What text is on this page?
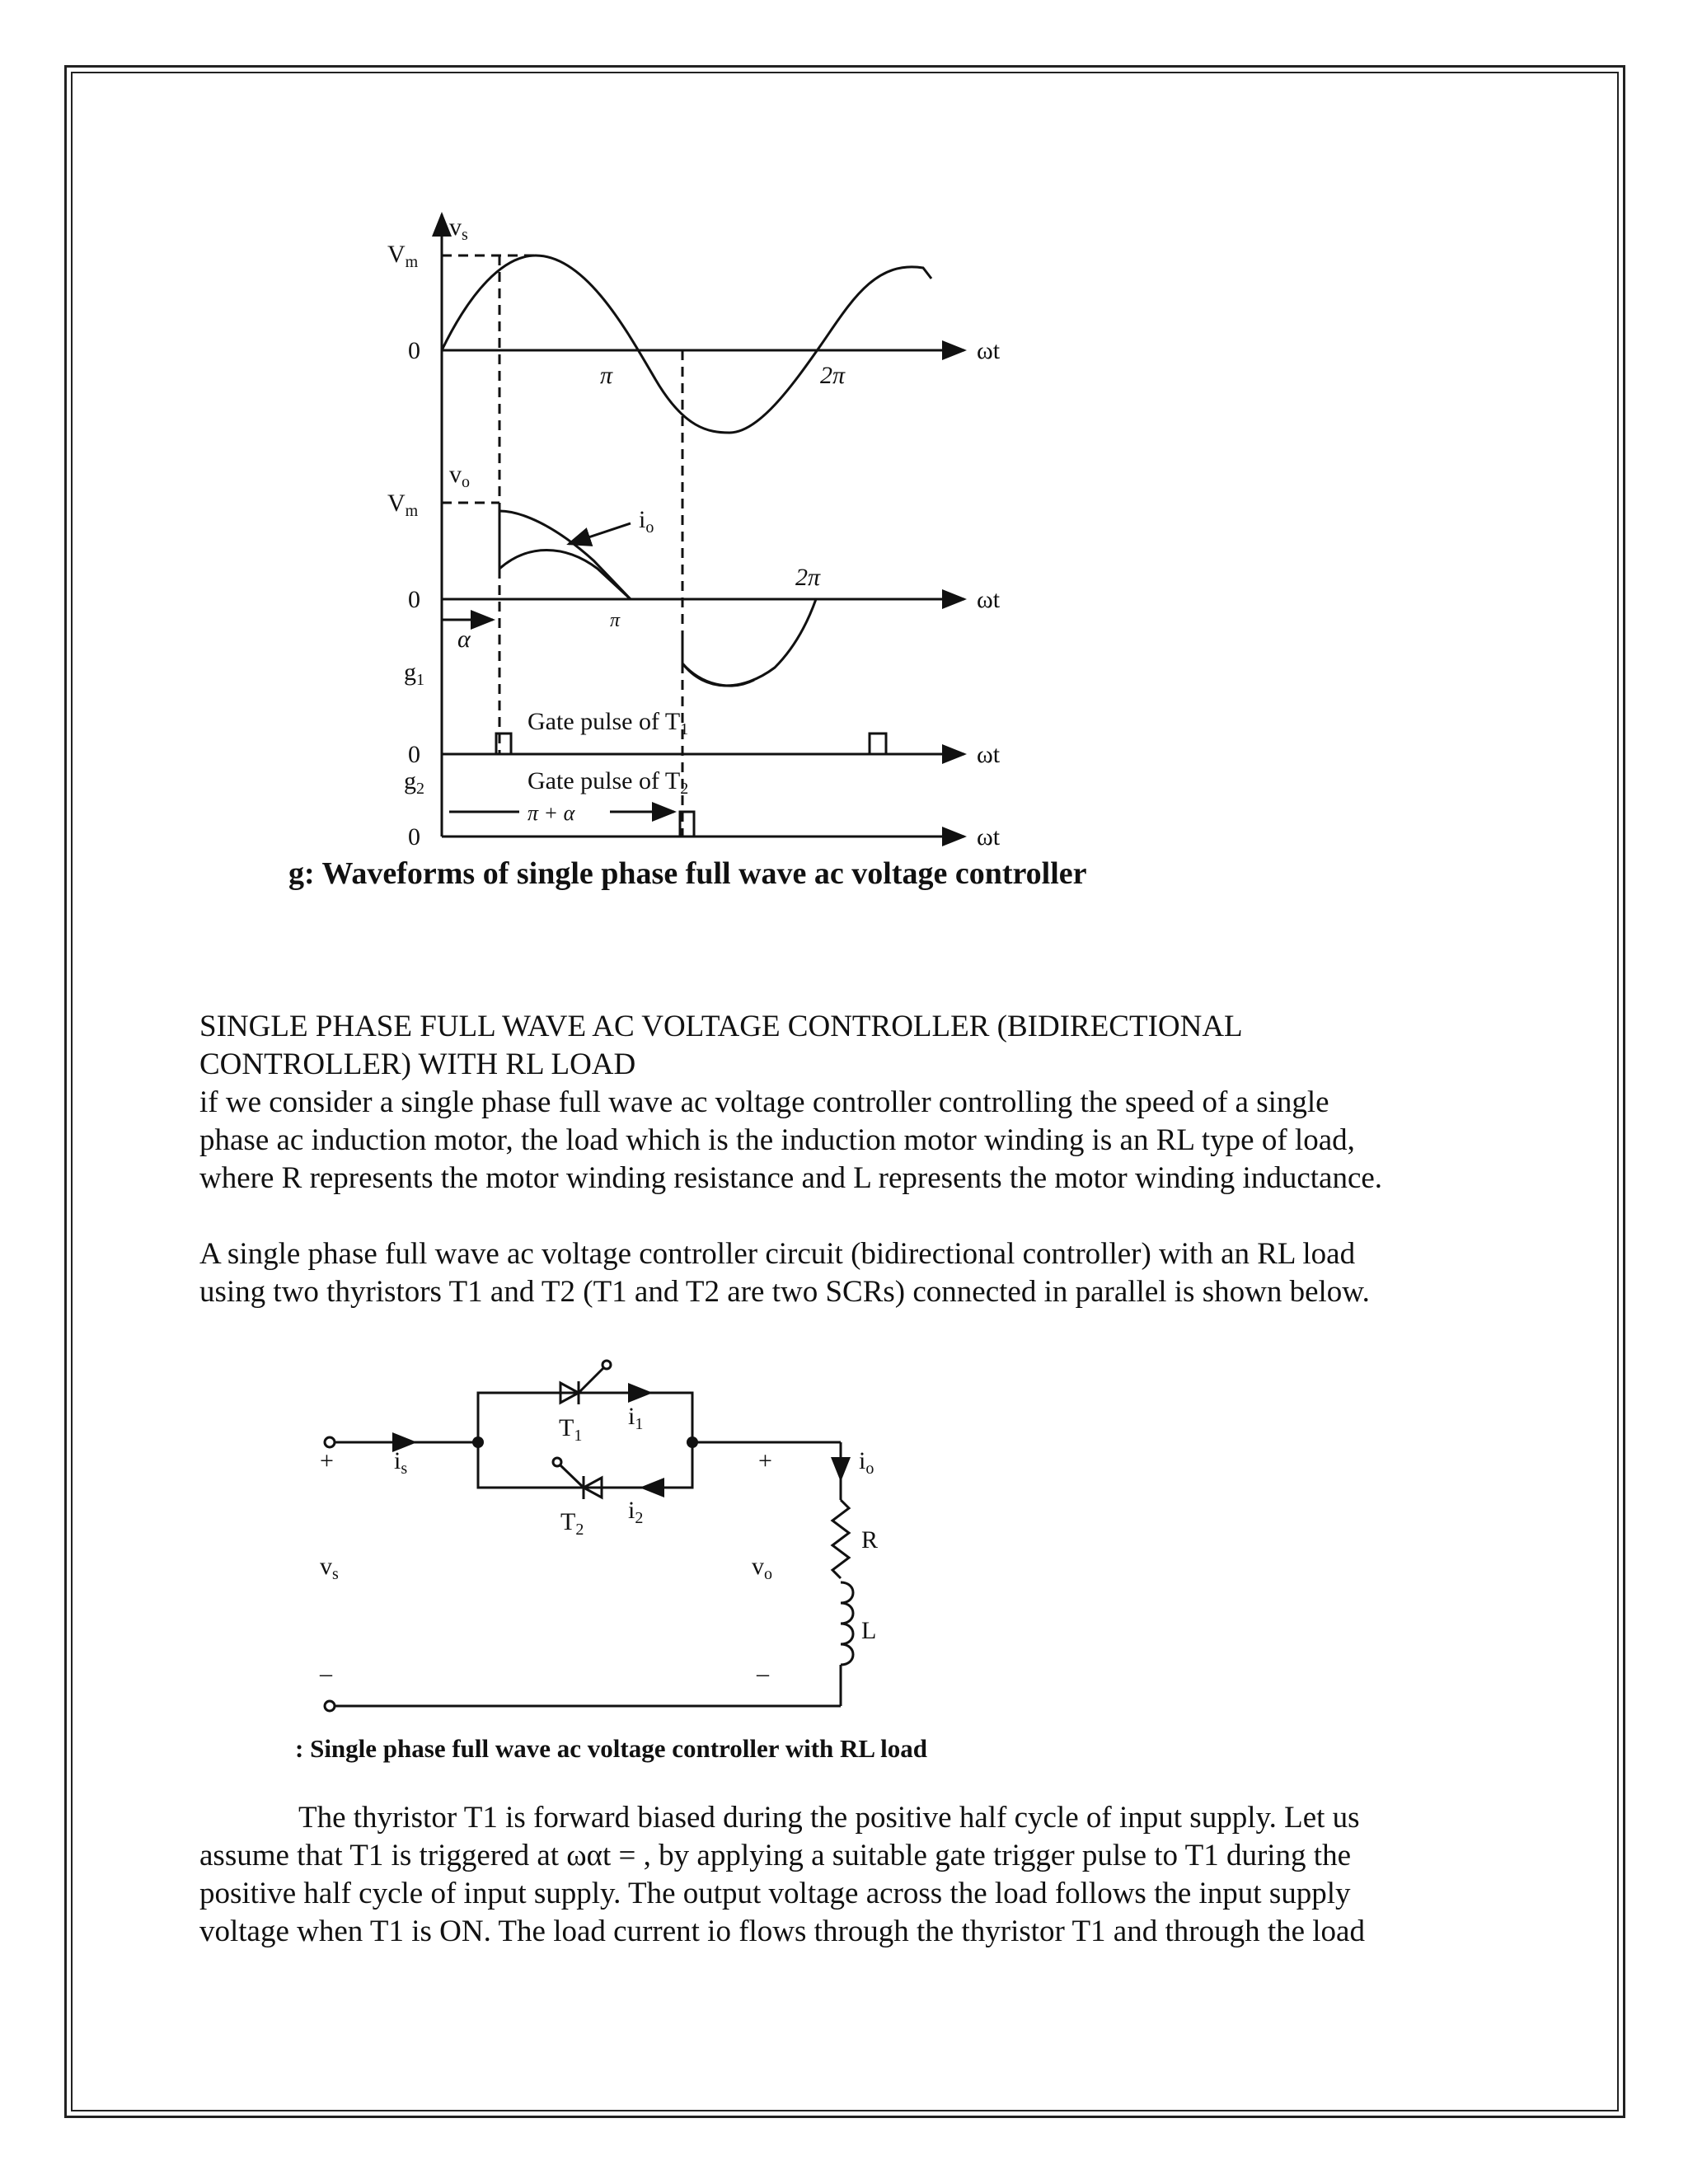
$v_s$
$V_m$
0
π	2π
ωt
$v_o$
$V_m$	$i_o$
0
π
2π
ωt
α
$g_1$
Gate pulse of $T_1$
0	ωt
$g_2$	Gate pulse of $T_2$
π + α
0	ωt
g: Waveforms of single phase full wave ac voltage controller
SINGLE PHASE FULL WAVE AC VOLTAGE CONTROLLER (BIDIRECTIONAL
CONTROLLER) WITH RL LOAD
if we consider a single phase full wave ac voltage controller controlling the speed of a single
phase ac induction motor, the load which is the induction motor winding is an RL type of load,
where R represents the motor winding resistance and L represents the motor winding inductance.
A single phase full wave ac voltage controller circuit (bidirectional controller) with an RL load
using two thyristors T1 and T2 (T1 and T2 are two SCRs) connected in parallel is shown below.
$T_1$
$i_1$
$T_2$
$i_2$
+ $i_s$
$v_s$
–
+
$v_o$
–
$i_o$
R
L
: Single phase full wave ac voltage controller with RL load
The thyristor T1 is forward biased during the positive half cycle of input supply. Let us
assume that T1 is triggered at ωαt = , by applying a suitable gate trigger pulse to T1 during the
positive half cycle of input supply. The output voltage across the load follows the input supply
voltage when T1 is ON. The load current io flows through the thyristor T1 and through the load
